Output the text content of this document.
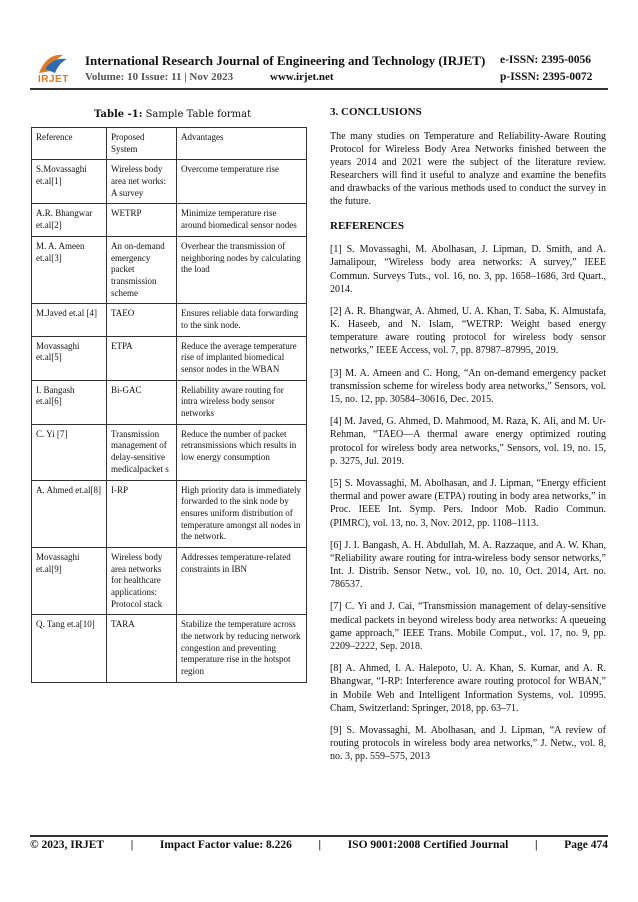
IRJET
International Research Journal of Engineering and Technology (IRJET) e-ISSN: 2395-0056
Volume: 10 Issue: 11 | Nov 2023	www.irjet.net	p-ISSN: 2395-0072
Table -1: Sample Table format
Reference	Proposed System	Advantages
S.Movassaghi et.al[1]	Wireless body area net works: A survey	Overcome temperature rise
A.R. Bhangwar et.al[2]	WETRP	Minimize temperature rise around biomedical sensor nodes
M. A. Ameen et.al[3]	An on-demand emergency packet transmission scheme	Overhear the transmission of neighboring nodes by calculating the load
M.Javed et.al [4]	TAEO	Ensures reliable data forwarding to the sink node.
Movassaghi et.al[5]	ETPA	Reduce the average temperature rise of implanted biomedical sensor nodes in the WBAN
I. Bangash et.al[6]	Bi-GAC	Reliability aware routing for intra wireless body sensor networks
C. Yi [7]	Transmission management of delay-sensitive medicalpacket s	Reduce the number of packet retransmissions which results in low energy consumption
A. Ahmed et.al[8]	I-RP	High priority data is immediately forwarded to the sink node by ensures uniform distribution of temperature amongst all nodes in the network.
Movassaghi et.al[9]	Wireless body area networks for healthcare applications: Protocol stack	Addresses temperature-related constraints in IBN
Q. Tang et.a[10]	TARA	Stabilize the temperature across the network by reducing network congestion and preventing temperature rise in the hotspot region
3. CONCLUSIONS

The many studies on Temperature and Reliability-Aware Routing Protocol for Wireless Body Area Networks finished between the years 2014 and 2021 were the subject of the literature review. Researchers will find it useful to analyze and examine the benefits and drawbacks of the various methods used to conduct the survey in the future.

REFERENCES

[1] S. Movassaghi, M. Abolhasan, J. Lipman, D. Smith, and A. Jamalipour, “Wireless body area networks: A survey,” IEEE Commun. Surveys Tuts., vol. 16, no. 3, pp. 1658–1686, 3rd Quart., 2014.

[2] A. R. Bhangwar, A. Ahmed, U. A. Khan, T. Saba, K. Almustafa, K. Haseeb, and N. Islam, “WETRP: Weight based energy temperature aware routing protocol for wireless body sensor networks,” IEEE Access, vol. 7, pp. 87987–87995, 2019.

[3] M. A. Ameen and C. Hong, “An on-demand emergency packet transmission scheme for wireless body area networks,” Sensors, vol. 15, no. 12, pp. 30584–30616, Dec. 2015.

[4] M. Javed, G. Ahmed, D. Mahmood, M. Raza, K. Ali, and M. Ur-Rehman, “TAEO—A thermal aware energy optimized routing protocol for wireless body area networks,” Sensors, vol. 19, no. 15, p. 3275, Jul. 2019.

[5] S. Movassaghi, M. Abolhasan, and J. Lipman, “Energy efficient thermal and power aware (ETPA) routing in body area networks,” in Proc. IEEE Int. Symp. Pers. Indoor Mob. Radio Commun. (PIMRC), vol. 13, no. 3, Nov. 2012, pp. 1108–1113.

[6] J. I. Bangash, A. H. Abdullah, M. A. Razzaque, and A. W. Khan, “Reliability aware routing for intra-wireless body sensor networks,” Int. J. Distrib. Sensor Netw., vol. 10, no. 10, Oct. 2014, Art. no. 786537.

[7] C. Yi and J. Cai, “Transmission management of delay-sensitive medical packets in beyond wireless body area networks: A queueing game approach,” IEEE Trans. Mobile Comput., vol. 17, no. 9, pp. 2209–2222, Sep. 2018.

[8] A. Ahmed, I. A. Halepoto, U. A. Khan, S. Kumar, and A. R. Bhangwar, “I-RP: Interference aware routing protocol for WBAN,” in Mobile Web and Intelligent Information Systems, vol. 10995. Cham, Switzerland: Springer, 2018, pp. 63–71.

[9] S. Movassaghi, M. Abolhasan, and J. Lipman, “A review of routing protocols in wireless body area networks,” J. Netw., vol. 8, no. 3, pp. 559–575, 2013

© 2023, IRJET | Impact Factor value: 8.226 | ISO 9001:2008 Certified Journal | Page 474
